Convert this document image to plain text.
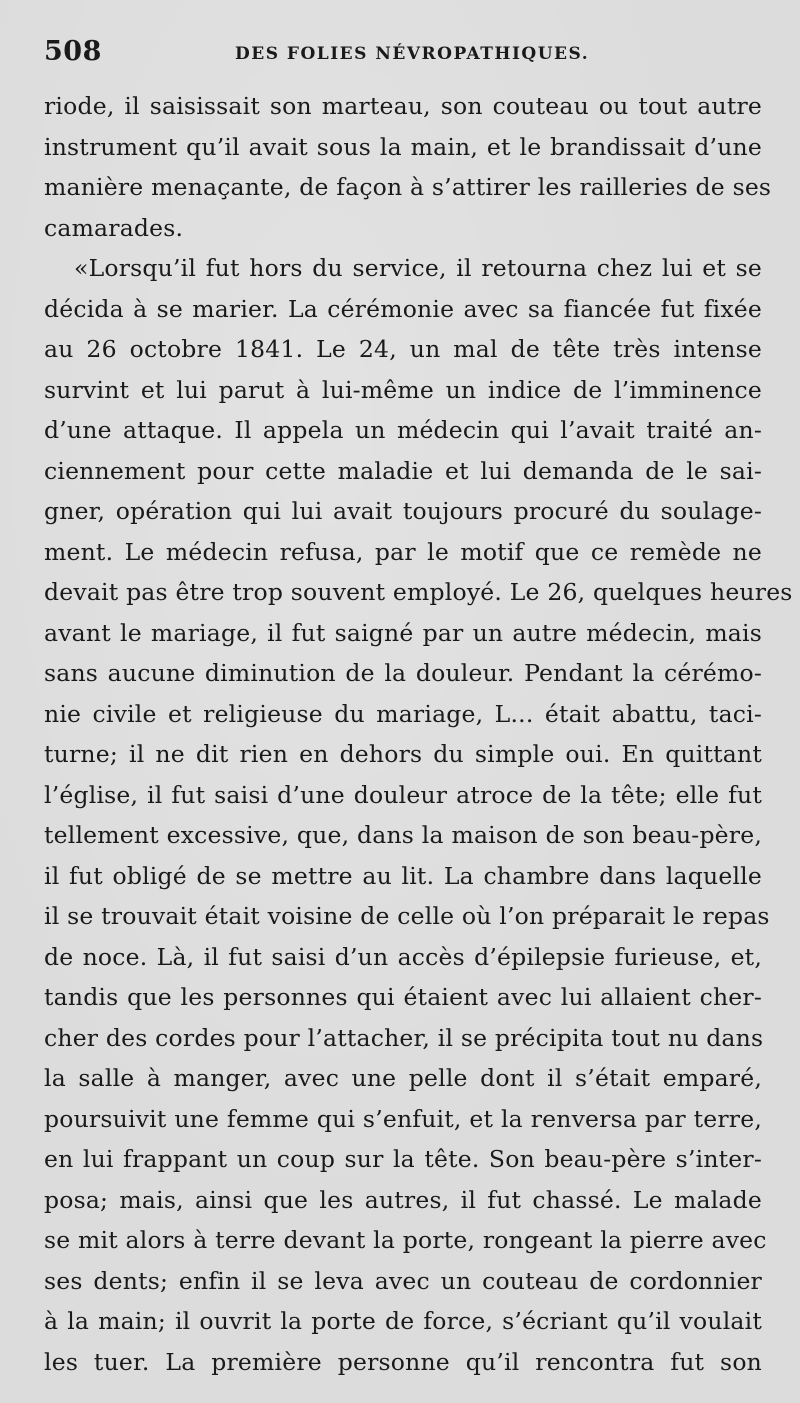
508	DES FOLIES NÉVROPATHIQUES.
riode, il saisissait son marteau, son couteau ou tout autre
instrument qu’il avait sous la main, et le brandissait d’une
manière menaçante, de façon à s’attirer les railleries de ses
camarades.
«Lorsqu’il fut hors du service, il retourna chez lui et se
décida à se marier. La cérémonie avec sa fiancée fut fixée
au 26 octobre 1841. Le 24, un mal de tête très intense
survint et lui parut à lui-même un indice de l’imminence
d’une attaque. Il appela un médecin qui l’avait traité an-
ciennement pour cette maladie et lui demanda de le sai-
gner, opération qui lui avait toujours procuré du soulage-
ment. Le médecin refusa, par le motif que ce remède ne
devait pas être trop souvent employé. Le 26, quelques heures
avant le mariage, il fut saigné par un autre médecin, mais
sans aucune diminution de la douleur. Pendant la cérémo-
nie civile et religieuse du mariage, L... était abattu, taci-
turne; il ne dit rien en dehors du simple oui. En quittant
l’église, il fut saisi d’une douleur atroce de la tête; elle fut
tellement excessive, que, dans la maison de son beau-père,
il fut obligé de se mettre au lit. La chambre dans laquelle
il se trouvait était voisine de celle où l’on préparait le repas
de noce. Là, il fut saisi d’un accès d’épilepsie furieuse, et,
tandis que les personnes qui étaient avec lui allaient cher-
cher des cordes pour l’attacher, il se précipita tout nu dans
la salle à manger, avec une pelle dont il s’était emparé,
poursuivit une femme qui s’enfuit, et la renversa par terre,
en lui frappant un coup sur la tête. Son beau-père s’inter-
posa; mais, ainsi que les autres, il fut chassé. Le malade
se mit alors à terre devant la porte, rongeant la pierre avec
ses dents; enfin il se leva avec un couteau de cordonnier
à la main; il ouvrit la porte de force, s’écriant qu’il voulait
les tuer. La première personne qu’il rencontra fut son
